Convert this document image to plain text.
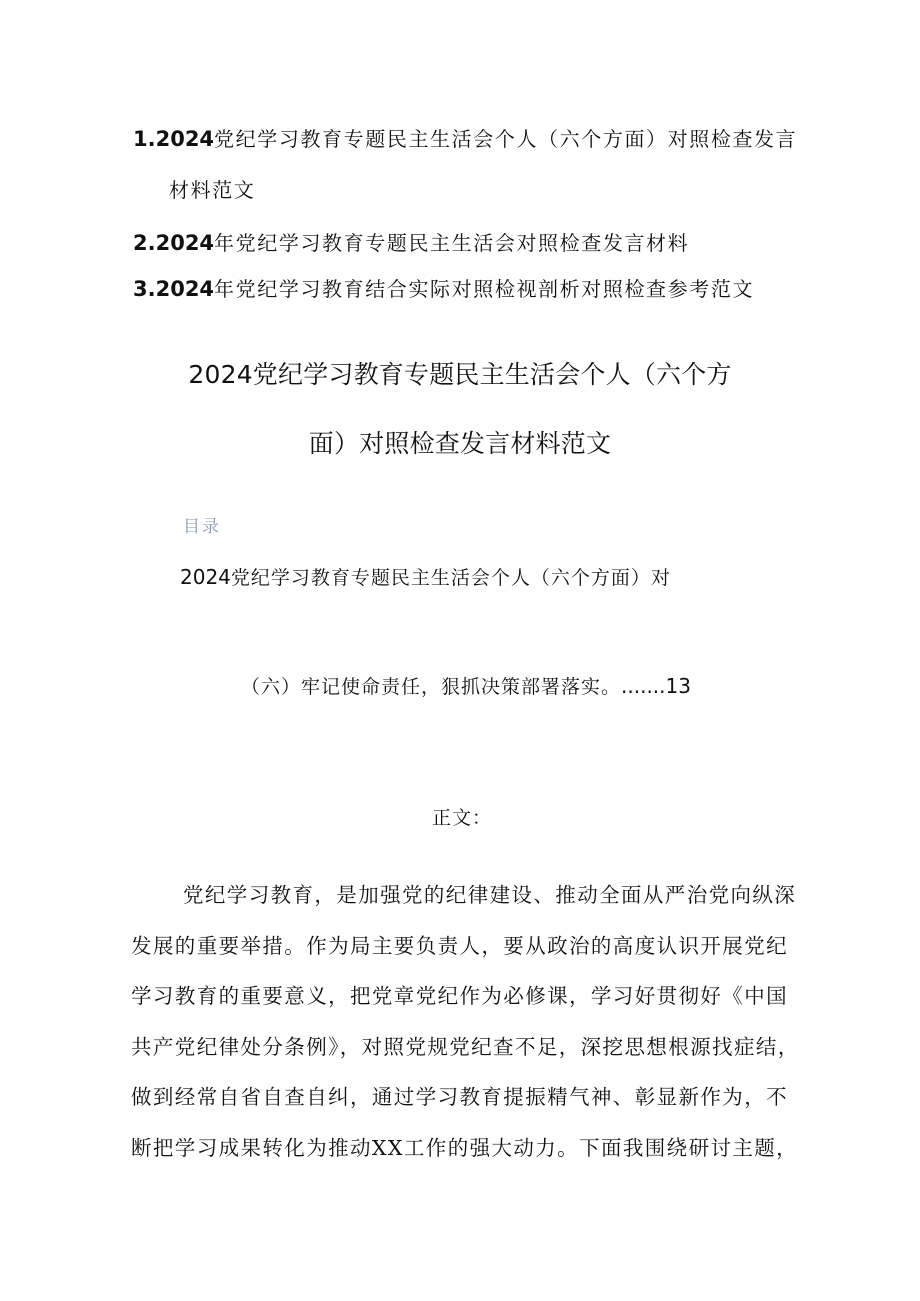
1.2024党纪学习教育专题民主生活会个人（六个方面）对照检查发言
材料范文
2.2024年党纪学习教育专题民主生活会对照检查发言材料
3.2024年党纪学习教育结合实际对照检视剖析对照检查参考范文
2024党纪学习教育专题民主生活会个人（六个方
面）对照检查发言材料范文
目录
2024党纪学习教育专题民主生活会个人（六个方面）对
（六）牢记使命责任，狠抓决策部署落实。.......13
正文：
党纪学习教育，是加强党的纪律建设、推动全面从严治党向纵深发展的重要举措。作为局主要负责人，要从政治的高度认识开展党纪学习教育的重要意义，把党章党纪作为必修课，学习好贯彻好《中国共产党纪律处分条例》，对照党规党纪查不足，深挖思想根源找症结，做到经常自省自查自纠，通过学习教育提振精气神、彰显新作为，不断把学习成果转化为推动XX工作的强大动力。下面我围绕研讨主题，
